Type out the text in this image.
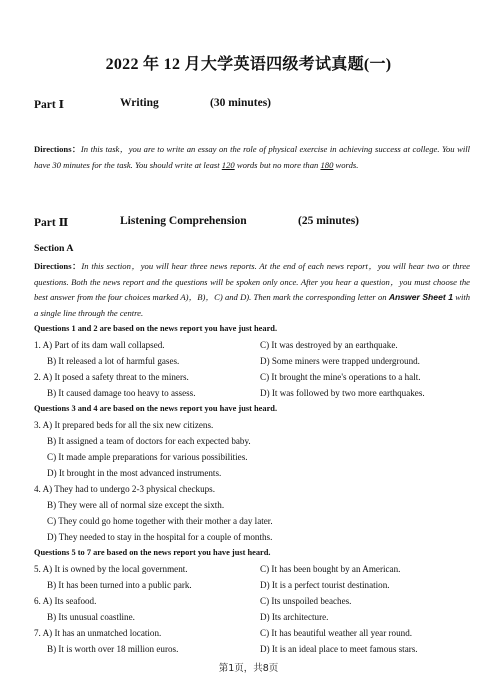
2022 年 12 月大学英语四级考试真题(一)
Part Ⅰ	Writing	(30 minutes)
Directions：In this task，you are to write an essay on the role of physical exercise in achieving success at college. You will have 30 minutes for the task. You should write at least 120 words but no more than 180 words.
Part Ⅱ	Listening Comprehension	(25 minutes)
Section A
Directions：In this section，you will hear three news reports. At the end of each news report，you will hear two or three questions. Both the news report and the questions will be spoken only once. After you hear a question，you must choose the best answer from the four choices marked A)，B)，C) and D). Then mark the corresponding letter on Answer Sheet 1 with a single line through the centre.
Questions 1 and 2 are based on the news report you have just heard.
1. A) Part of its dam wall collapsed.	C) It was destroyed by an earthquake.
B) It released a lot of harmful gases.	D) Some miners were trapped underground.
2. A) It posed a safety threat to the miners.	C) It brought the mine's operations to a halt.
B) It caused damage too heavy to assess.	D) It was followed by two more earthquakes.
Questions 3 and 4 are based on the news report you have just heard.
3. A) It prepared beds for all the six new citizens.
B) It assigned a team of doctors for each expected baby.
C) It made ample preparations for various possibilities.
D) It brought in the most advanced instruments.
4. A) They had to undergo 2-3 physical checkups.
B) They were all of normal size except the sixth.
C) They could go home together with their mother a day later.
D) They needed to stay in the hospital for a couple of months.
Questions 5 to 7 are based on the news report you have just heard.
5. A) It is owned by the local government.	C) It has been bought by an American.
B) It has been turned into a public park.	D) It is a perfect tourist destination.
6. A) Its seafood.	C) Its unspoiled beaches.
B) Its unusual coastline.	D) Its architecture.
7. A) It has an unmatched location.	C) It has beautiful weather all year round.
B) It is worth over 18 million euros.	D) It is an ideal place to meet famous stars.
第1页，共8页
